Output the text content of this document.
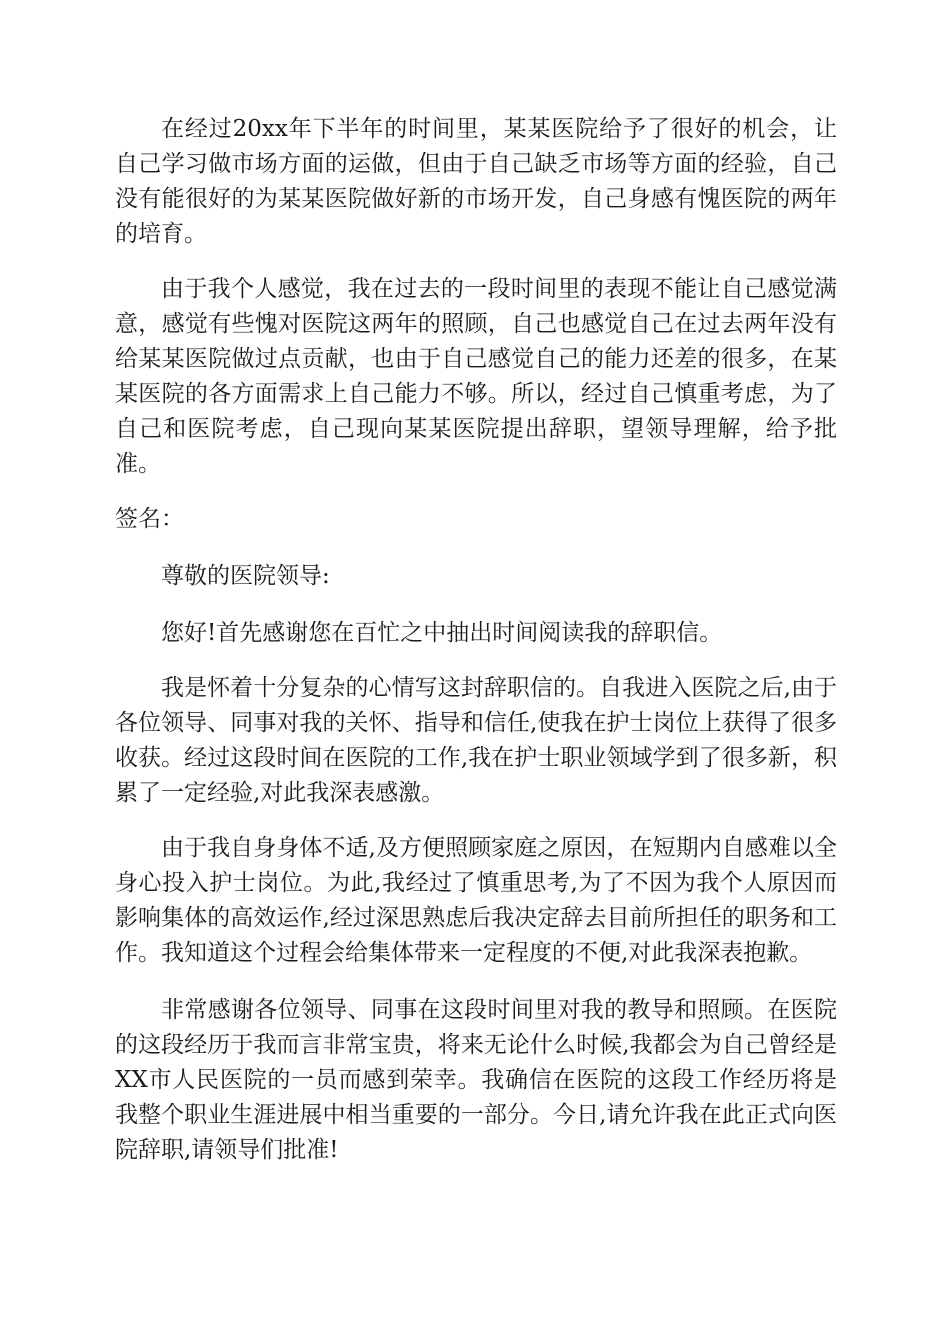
在经过20xx年下半年的时间里，某某医院给予了很好的机会，让自己学习做市场方面的运做，但由于自己缺乏市场等方面的经验，自己没有能很好的为某某医院做好新的市场开发，自己身感有愧医院的两年的培育。

由于我个人感觉，我在过去的一段时间里的表现不能让自己感觉满意，感觉有些愧对医院这两年的照顾，自己也感觉自己在过去两年没有给某某医院做过点贡献，也由于自己感觉自己的能力还差的很多，在某某医院的各方面需求上自己能力不够。所以，经过自己慎重考虑，为了自己和医院考虑，自己现向某某医院提出辞职，望领导理解，给予批准。

签名：

尊敬的医院领导:

您好!首先感谢您在百忙之中抽出时间阅读我的辞职信。

我是怀着十分复杂的心情写这封辞职信的。自我进入医院之后,由于各位领导、同事对我的关怀、指导和信任,使我在护士岗位上获得了很多收获。经过这段时间在医院的工作,我在护士职业领域学到了很多新，积累了一定经验,对此我深表感激。

由于我自身身体不适,及方便照顾家庭之原因，在短期内自感难以全身心投入护士岗位。为此,我经过了慎重思考,为了不因为我个人原因而影响集体的高效运作,经过深思熟虑后我决定辞去目前所担任的职务和工作。我知道这个过程会给集体带来一定程度的不便,对此我深表抱歉。

非常感谢各位领导、同事在这段时间里对我的教导和照顾。在医院的这段经历于我而言非常宝贵，将来无论什么时候,我都会为自己曾经是XX市人民医院的一员而感到荣幸。我确信在医院的这段工作经历将是我整个职业生涯进展中相当重要的一部分。今日,请允许我在此正式向医院辞职,请领导们批准!
